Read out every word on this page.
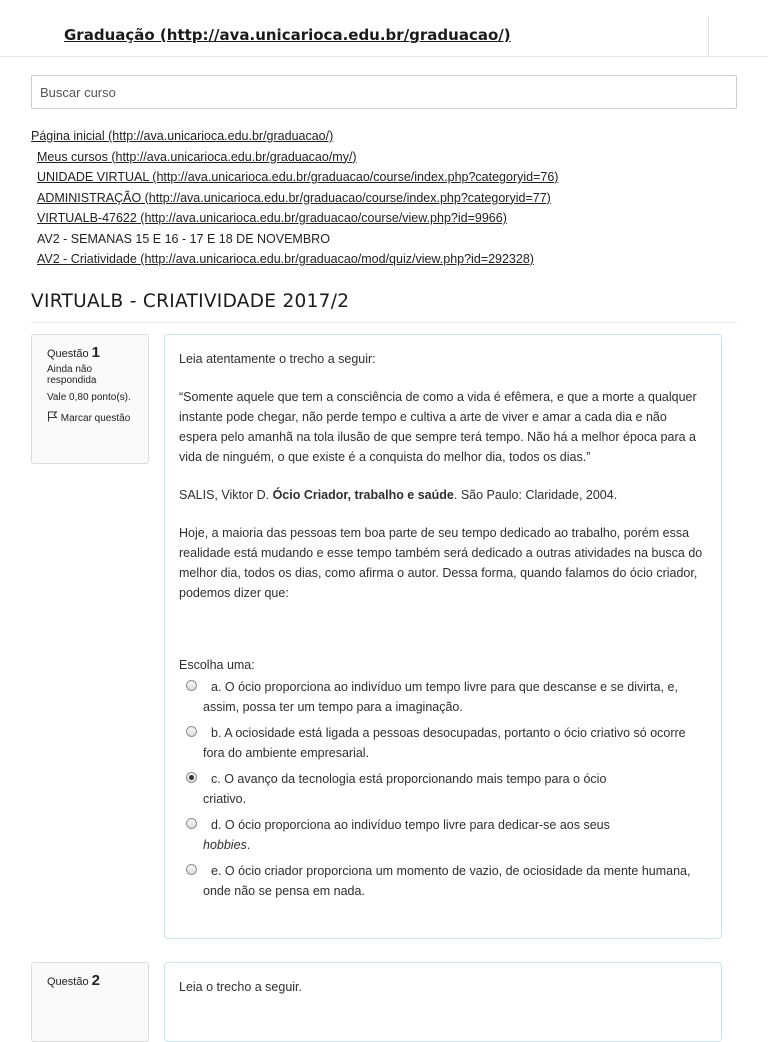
Graduação (http://ava.unicarioca.edu.br/graduacao/)
Buscar curso
Página inicial (http://ava.unicarioca.edu.br/graduacao/)
Meus cursos (http://ava.unicarioca.edu.br/graduacao/my/)
UNIDADE VIRTUAL (http://ava.unicarioca.edu.br/graduacao/course/index.php?categoryid=76)
ADMINISTRAÇÃO (http://ava.unicarioca.edu.br/graduacao/course/index.php?categoryid=77)
VIRTUALB-47622 (http://ava.unicarioca.edu.br/graduacao/course/view.php?id=9966)
AV2 - SEMANAS 15 E 16 - 17 E 18 DE NOVEMBRO
AV2 - Criatividade (http://ava.unicarioca.edu.br/graduacao/mod/quiz/view.php?id=292328)
VIRTUALB - CRIATIVIDADE 2017/2
Questão 1
Ainda não respondida
Vale 0,80 ponto(s).
Marcar questão

Leia atentamente o trecho a seguir:

“Somente aquele que tem a consciência de como a vida é efêmera, e que a morte a qualquer instante pode chegar, não perde tempo e cultiva a arte de viver e amar a cada dia e não espera pelo amanhã na tola ilusão de que sempre terá tempo. Não há a melhor época para a vida de ninguém, o que existe é a conquista do melhor dia, todos os dias.”

SALIS, Viktor D. Ócio Criador, trabalho e saúde. São Paulo: Claridade, 2004.

Hoje, a maioria das pessoas tem boa parte de seu tempo dedicado ao trabalho, porém essa realidade está mudando e esse tempo também será dedicado a outras atividades na busca do melhor dia, todos os dias, como afirma o autor. Dessa forma, quando falamos do ócio criador, podemos dizer que:

Escolha uma:

a. O ócio proporciona ao indivíduo um tempo livre para que descanse e se divirta, e, assim, possa ter um tempo para a imaginação.
b. A ociosidade está ligada a pessoas desocupadas, portanto o ócio criativo só ocorre fora do ambiente empresarial.
c. O avanço da tecnologia está proporcionando mais tempo para o ócio criativo.
d. O ócio proporciona ao indivíduo tempo livre para dedicar-se aos seus hobbies.
e. O ócio criador proporciona um momento de vazio, de ociosidade da mente humana, onde não se pensa em nada.
Questão 2	Leia o trecho a seguir.
